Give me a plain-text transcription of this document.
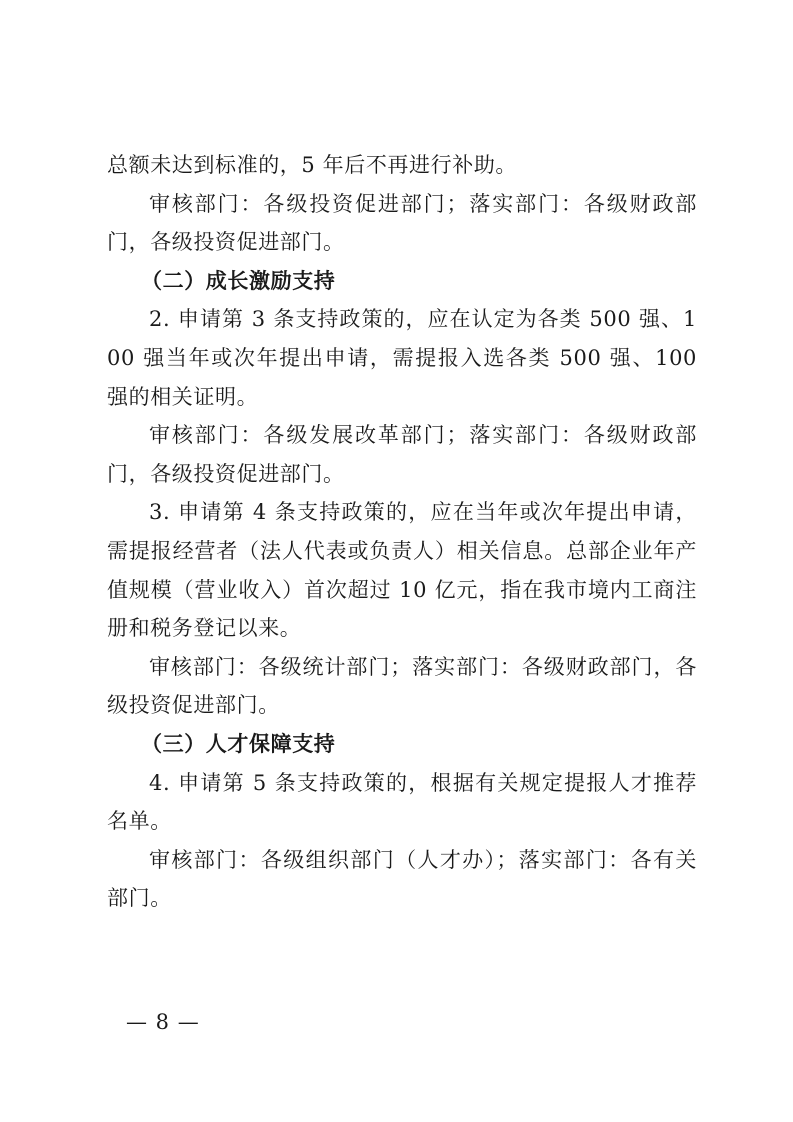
总额未达到标准的，5 年后不再进行补助。

审核部门：各级投资促进部门；落实部门：各级财政部门，各级投资促进部门。

（二）成长激励支持

2. 申请第 3 条支持政策的，应在认定为各类 500 强、100 强当年或次年提出申请，需提报入选各类 500 强、100 强的相关证明。

审核部门：各级发展改革部门；落实部门：各级财政部门，各级投资促进部门。

3. 申请第 4 条支持政策的，应在当年或次年提出申请，需提报经营者（法人代表或负责人）相关信息。总部企业年产值规模（营业收入）首次超过 10 亿元，指在我市境内工商注册和税务登记以来。

审核部门：各级统计部门；落实部门：各级财政部门，各级投资促进部门。

（三）人才保障支持

4. 申请第 5 条支持政策的，根据有关规定提报人才推荐名单。

审核部门：各级组织部门（人才办）；落实部门：各有关部门。

— 8 —
